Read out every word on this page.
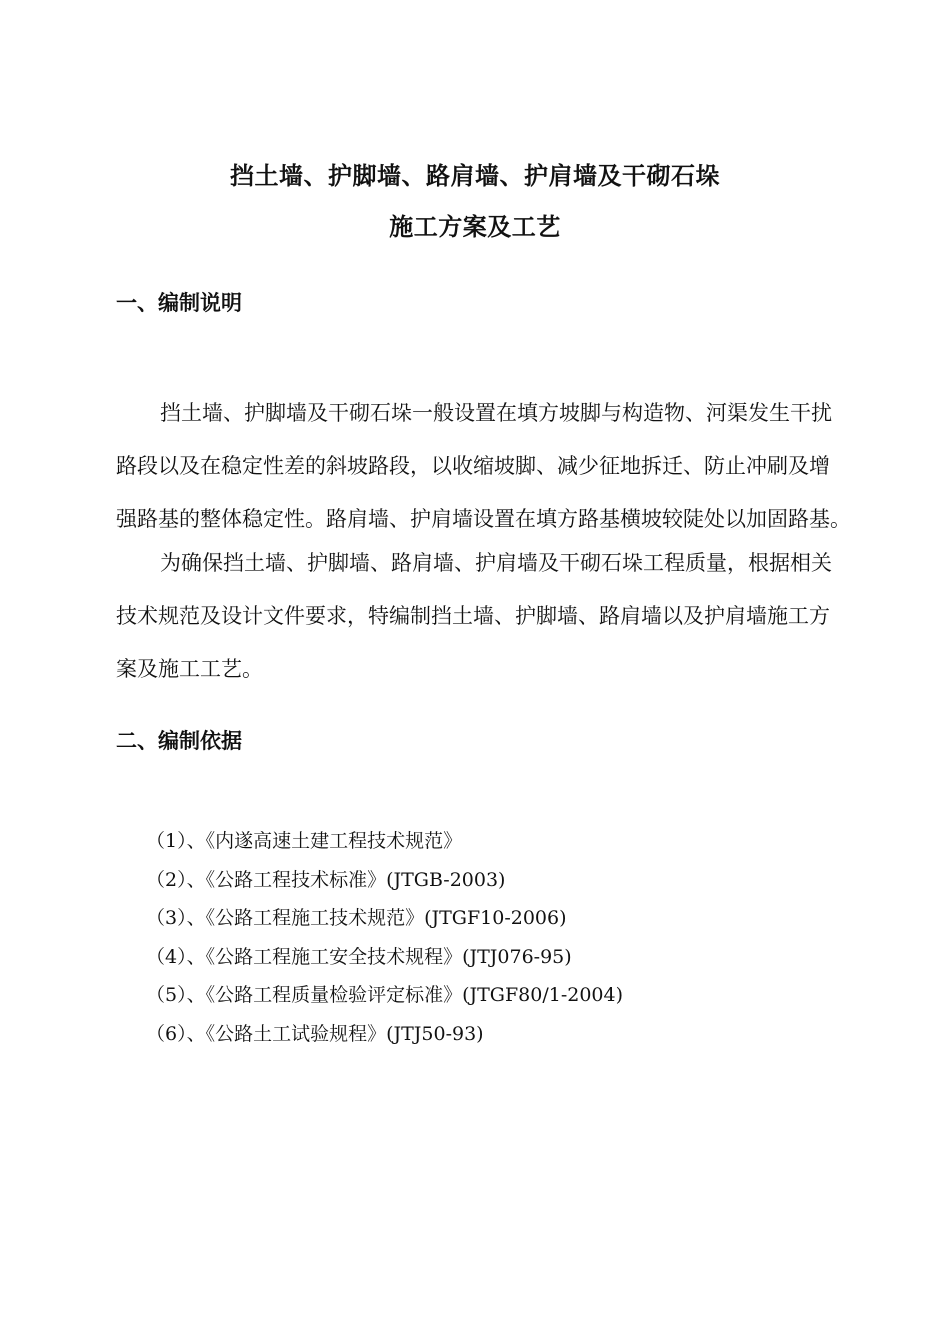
挡土墙、护脚墙、路肩墙、护肩墙及干砌石垛
施工方案及工艺
一、编制说明

挡土墙、护脚墙及干砌石垛一般设置在填方坡脚与构造物、河渠发生干扰
路段以及在稳定性差的斜坡路段，以收缩坡脚、减少征地拆迁、防止冲刷及增
强路基的整体稳定性。路肩墙、护肩墙设置在填方路基横坡较陡处以加固路基。

为确保挡土墙、护脚墙、路肩墙、护肩墙及干砌石垛工程质量，根据相关
技术规范及设计文件要求，特编制挡土墙、护脚墙、路肩墙以及护肩墙施工方
案及施工工艺。

二、编制依据
（1）、《内遂高速土建工程技术规范》
（2）、《公路工程技术标准》(JTGB-2003)
（3）、《公路工程施工技术规范》(JTGF10-2006)
（4）、《公路工程施工安全技术规程》(JTJ076-95)
（5）、《公路工程质量检验评定标准》(JTGF80/1-2004)
（6）、《公路土工试验规程》(JTJ50-93)
